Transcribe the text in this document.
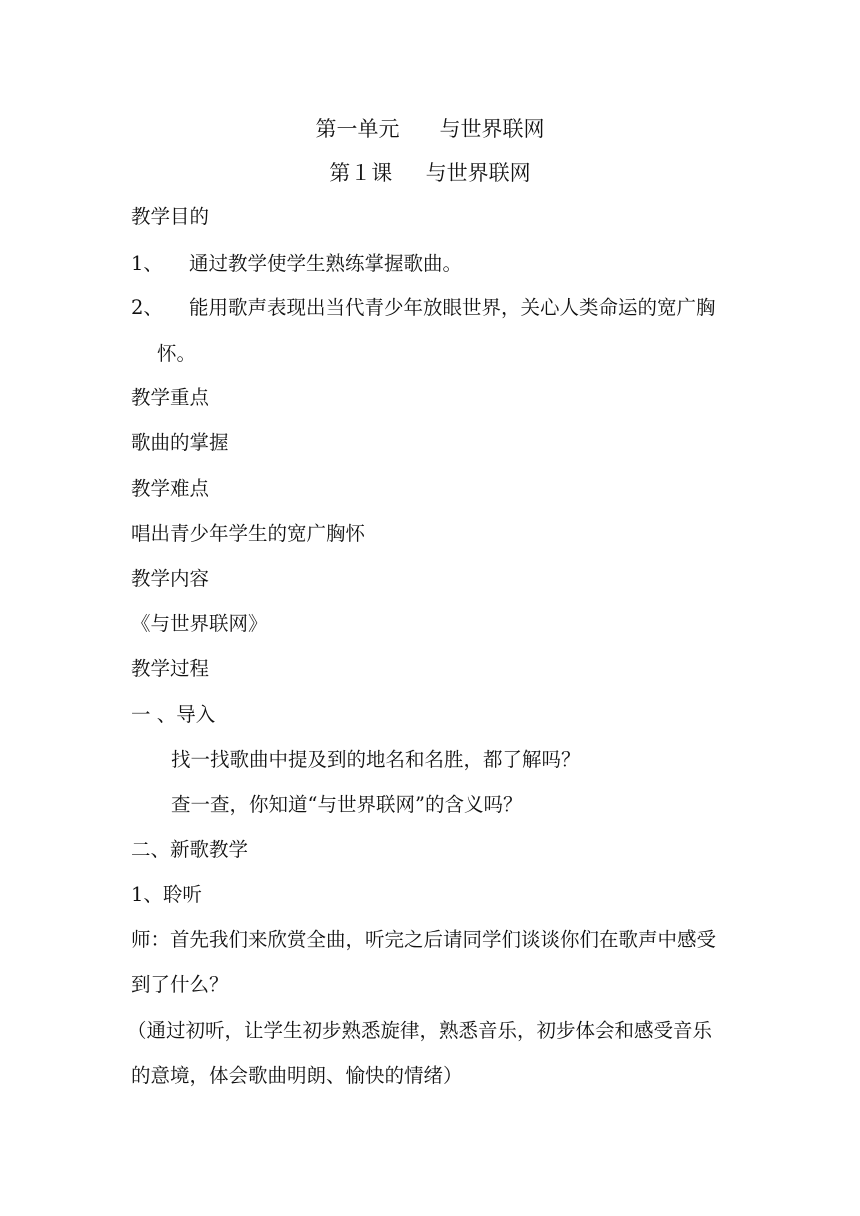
第一单元      与世界联网
第１课     与世界联网
教学目的
1、 通过教学使学生熟练掌握歌曲。
2、 能用歌声表现出当代青少年放眼世界，关心人类命运的宽广胸
怀。
教学重点
歌曲的掌握
教学难点
唱出青少年学生的宽广胸怀
教学内容
《与世界联网》
教学过程
一 、导入
找一找歌曲中提及到的地名和名胜，都了解吗？
查一查，你知道“与世界联网”的含义吗？
二、新歌教学
1、聆听
师：首先我们来欣赏全曲，听完之后请同学们谈谈你们在歌声中感受
到了什么？
（通过初听，让学生初步熟悉旋律，熟悉音乐，初步体会和感受音乐
的意境，体会歌曲明朗、愉快的情绪）
